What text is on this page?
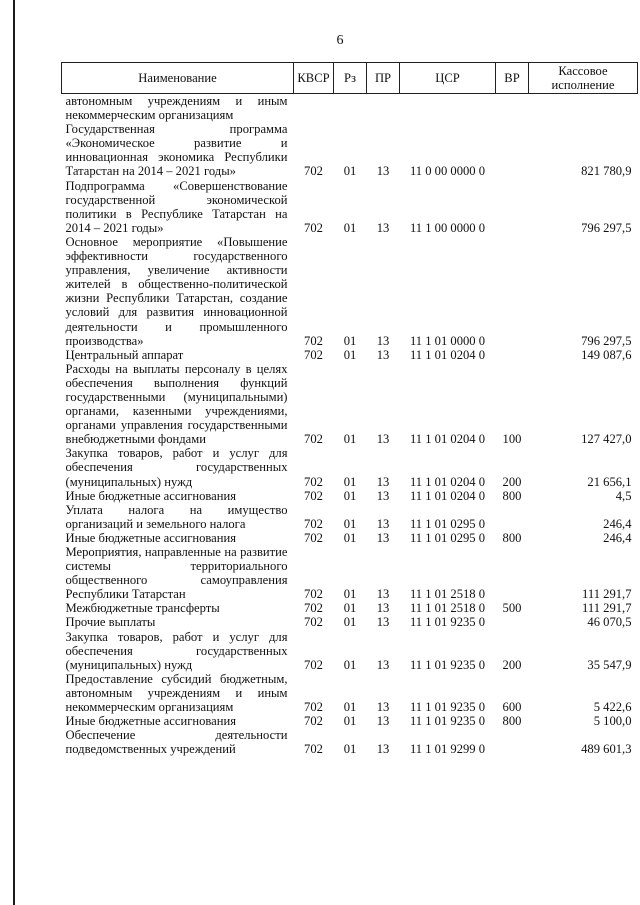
6
Наименование	КВСР	Рз	ПР	ЦСР	ВР	Кассовое исполнение
автономным учреждениям и иным некоммерческим организациям						
Государственная программа «Экономическое развитие и инновационная экономика Республики Татарстан на 2014 – 2021 годы»	702	01	13	11 0 00 0000 0		821 780,9
Подпрограмма «Совершенствование государственной экономической политики в Республике Татарстан на 2014 – 2021 годы»	702	01	13	11 1 00 0000 0		796 297,5
Основное мероприятие «Повышение эффективности государственного управления, увеличение активности жителей в общественно-политической жизни Республики Татарстан, создание условий для развития инновационной деятельности и промышленного производства»	702	01	13	11 1 01 0000 0		796 297,5
Центральный аппарат	702	01	13	11 1 01 0204 0		149 087,6
Расходы на выплаты персоналу в целях обеспечения выполнения функций государственными (муниципальными) органами, казенными учреждениями, органами управления государственными внебюджетными фондами	702	01	13	11 1 01 0204 0	100	127 427,0
Закупка товаров, работ и услуг для обеспечения государственных (муниципальных) нужд	702	01	13	11 1 01 0204 0	200	21 656,1
Иные бюджетные ассигнования	702	01	13	11 1 01 0204 0	800	4,5
Уплата налога на имущество организаций и земельного налога	702	01	13	11 1 01 0295 0		246,4
Иные бюджетные ассигнования	702	01	13	11 1 01 0295 0	800	246,4
Мероприятия, направленные на развитие системы территориального общественного самоуправления Республики Татарстан	702	01	13	11 1 01 2518 0		111 291,7
Межбюджетные трансферты	702	01	13	11 1 01 2518 0	500	111 291,7
Прочие выплаты	702	01	13	11 1 01 9235 0		46 070,5
Закупка товаров, работ и услуг для обеспечения государственных (муниципальных) нужд	702	01	13	11 1 01 9235 0	200	35 547,9
Предоставление субсидий бюджетным, автономным учреждениям и иным некоммерческим организациям	702	01	13	11 1 01 9235 0	600	5 422,6
Иные бюджетные ассигнования	702	01	13	11 1 01 9235 0	800	5 100,0
Обеспечение деятельности подведомственных учреждений	702	01	13	11 1 01 9299 0		489 601,3
